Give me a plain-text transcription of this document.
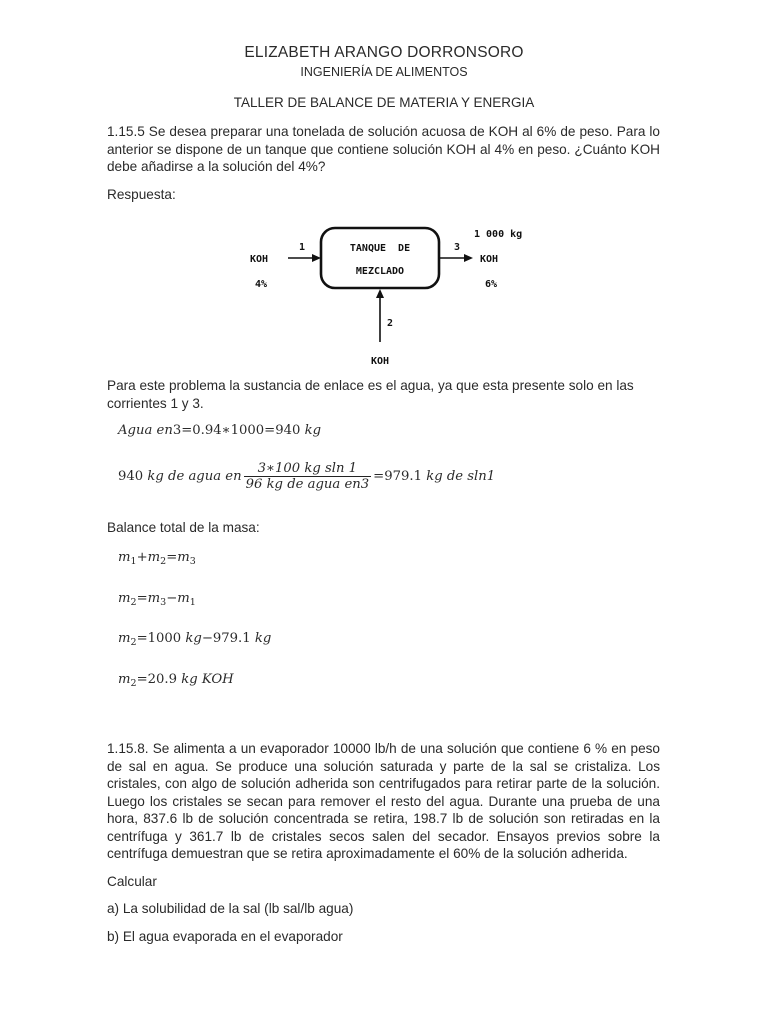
ELIZABETH ARANGO DORRONSORO
INGENIERÍA DE ALIMENTOS
TALLER DE BALANCE DE MATERIA Y ENERGIA
1.15.5 Se desea preparar una tonelada de solución acuosa de KOH al 6% de peso. Para lo anterior se dispone de un tanque que contiene solución KOH al 4% en peso. ¿Cuánto KOH debe añadirse a la solución del 4%?
Respuesta:
TANQUE  DE
MEZCLADO
1
KOH
4%
3
1 000 kg
KOH
6%
2
KOH
Para este problema la sustancia de enlace es el agua, ya que esta presente solo en las corrientes 1 y 3.
Agua en3=0.94∗1000=940 kg
940 kg de agua en $\frac{\text{3∗100 kg sln 1}}{\text{96 kg de agua en3}} =979.1$ kg de sln1
Balance total de la masa:
$m_1+m_2=m_3$
$m_2=m_3-m_1$
$m_2=1000$ kg−979.1 kg
$m_2=20.9$ kg KOH
1.15.8. Se alimenta a un evaporador 10000 lb/h de una solución que contiene 6 % en peso de sal en agua. Se produce una solución saturada y parte de la sal se cristaliza. Los cristales, con algo de solución adherida son centrifugados para retirar parte de la solución. Luego los cristales se secan para remover el resto del agua. Durante una prueba de una hora, 837.6 lb de solución concentrada se retira, 198.7 lb de solución son retiradas en la centrífuga y 361.7 lb de cristales secos salen del secador. Ensayos previos sobre la centrífuga demuestran que se retira aproximadamente el 60% de la solución adherida.
Calcular
a) La solubilidad de la sal (lb sal/lb agua)
b) El agua evaporada en el evaporador
